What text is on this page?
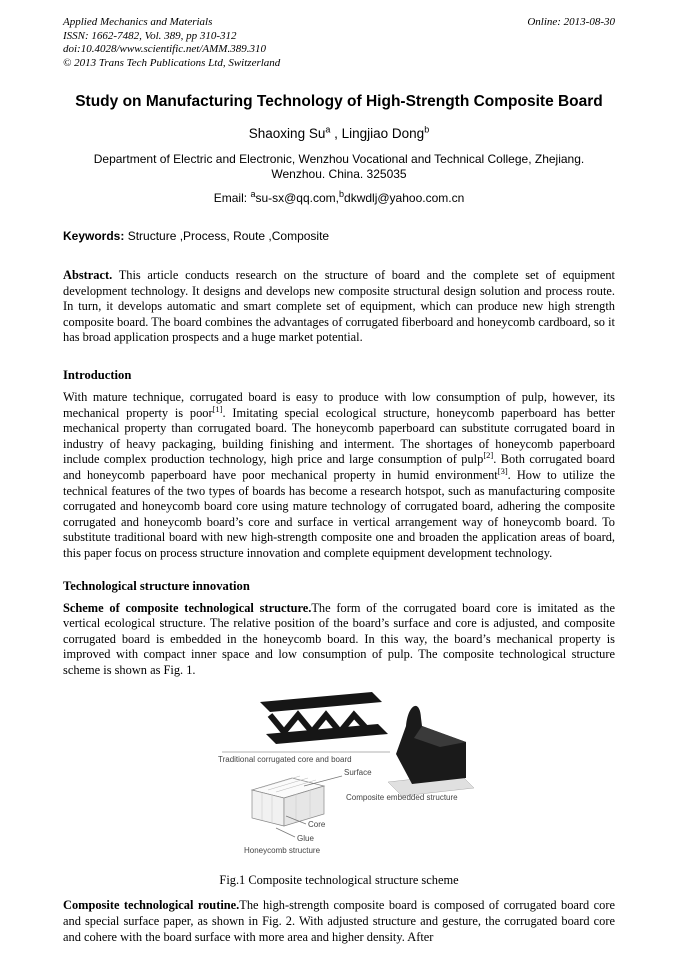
Applied Mechanics and Materials
ISSN: 1662-7482, Vol. 389, pp 310-312
doi:10.4028/www.scientific.net/AMM.389.310
© 2013 Trans Tech Publications Ltd, Switzerland
Online: 2013-08-30
Study on Manufacturing Technology of High-Strength Composite Board
Shaoxing Su$^a$ , Lingjiao Dong$^b$
Department of Electric and Electronic, Wenzhou Vocational and Technical College, Zhejiang.
Wenzhou. China. 325035
Email: $^a$su-sx@qq.com,$^b$dkwdlj@yahoo.com.cn
Keywords: Structure ,Process, Route ,Composite
Abstract. This article conducts research on the structure of board and the complete set of equipment development technology. It designs and develops new composite structural design solution and process route. In turn, it develops automatic and smart complete set of equipment, which can produce new high strength composite board. The board combines the advantages of corrugated fiberboard and honeycomb cardboard, so it has broad application prospects and a huge market potential.
Introduction
With mature technique, corrugated board is easy to produce with low consumption of pulp, however, its mechanical property is poor[1]. Imitating special ecological structure, honeycomb paperboard has better mechanical property than corrugated board. The honeycomb paperboard can substitute corrugated board in industry of heavy packaging, building finishing and interment. The shortages of honeycomb paperboard include complex production technology, high price and large consumption of pulp[2]. Both corrugated board and honeycomb paperboard have poor mechanical property in humid environment[3]. How to utilize the technical features of the two types of boards has become a research hotspot, such as manufacturing composite corrugated and honeycomb board core using mature technology of corrugated board, adhering the composite corrugated and honeycomb board’s core and surface in vertical arrangement way of honeycomb board. To substitute traditional board with new high-strength composite one and broaden the application areas of board, this paper focus on process structure innovation and complete equipment development technology.
Technological structure innovation
Scheme of composite technological structure.The form of the corrugated board core is imitated as the vertical ecological structure. The relative position of the board’s surface and core is adjusted, and composite corrugated board is embedded in the honeycomb board. In this way, the board’s mechanical property is improved with compact inner space and low consumption of pulp. The composite technological structure scheme is shown as Fig. 1.
Traditional corrugated core and board
Surface
Core
Glue
Honeycomb structure
Composite embedded structure
Fig.1 Composite technological structure scheme
Composite technological routine.The high-strength composite board is composed of corrugated board core and special surface paper, as shown in Fig. 2. With adjusted structure and gesture, the corrugated board core and cohere with the board surface with more area and higher density. After
